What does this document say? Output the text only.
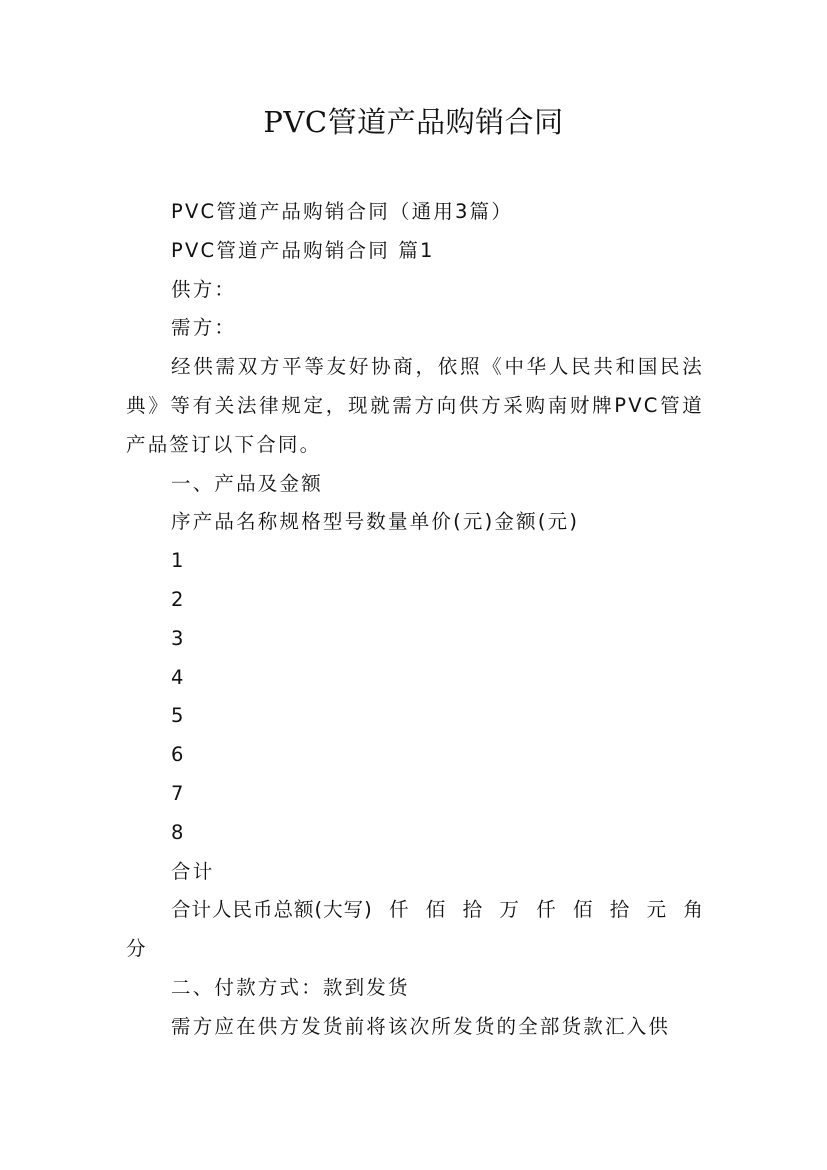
PVC管道产品购销合同

PVC管道产品购销合同（通用3篇）

PVC管道产品购销合同 篇1

供方：

需方：

经供需双方平等友好协商，依照《中华人民共和国民法典》等有关法律规定，现就需方向供方采购南财牌PVC管道产品签订以下合同。

一、产品及金额

序产品名称规格型号数量单价(元)金额(元)

1

2

3

4

5

6

7

8

合计

合计人民币总额(大写) 仟 佰 拾 万 仟 佰 拾 元 角

分

二、付款方式：款到发货

需方应在供方发货前将该次所发货的全部货款汇入供
